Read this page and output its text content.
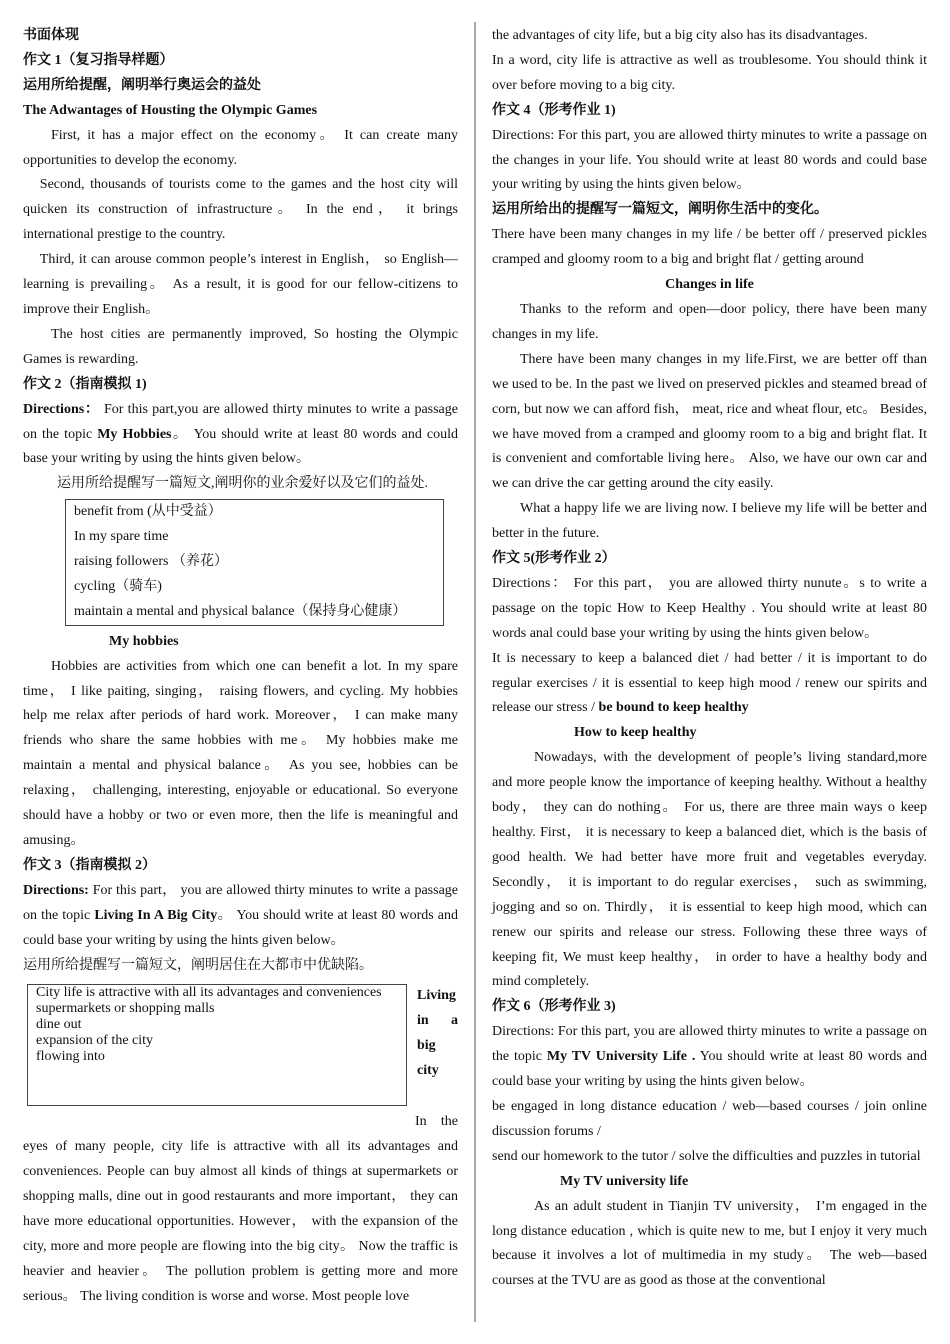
书面体现

作文 1（复习指导样题）

运用所给提醒，阐明举行奥运会的益处

The Adwantages of Housting the Olympic Games

First, it has a major effect on the economy。 It can create many opportunities to develop the economy.

Second, thousands of tourists come to the games and the host city will quicken its construction of infrastructure。 In the end， it brings international prestige to the country.

Third, it can arouse common people’s interest in English， so English—learning is prevailing。 As a result, it is good for our fellow-citizens to improve their English。

The host cities are permanently improved, So hosting the Olympic Games is rewarding.

作文 2（指南模拟 1)

Directions： For this part,you are allowed thirty minutes to write a passage on the topic My Hobbies。 You should write at least 80 words and could base your writing by using the hints given below。

运用所给提醒写一篇短文,阐明你的业余爱好以及它们的益处.

benefit from (从中受益）
In my spare time
raising followers （养花）
cycling（骑车)
maintain a mental and physical balance（保持身心健康）

My hobbies

Hobbies are activities from which one can benefit a lot. In my spare time， I like paiting, singing， raising flowers, and cycling. My hobbies help me relax after periods of hard work. Moreover， I can make many friends who share the same hobbies with me。 My hobbies make me maintain a mental and physical balance。 As you see, hobbies can be relaxing， challenging, interesting, enjoyable or educational. So everyone should have a hobby or two or even more, then the life is meaningful and amusing。

作文 3（指南模拟 2）

Directions: For this part， you are allowed thirty minutes to write a passage on the topic Living In A Big City。 You should write at least 80 words and could base your writing by using the hints given below。

运用所给提醒写一篇短文，阐明居住在大都市中优缺陷。

City life is attractive with all its advantages and conveniences
supermarkets or shopping malls
dine out
expansion of the city
flowing into
Living
in a
big
city

In the eyes of many people, city life is attractive with all its advantages and conveniences. People can buy almost all kinds of things at supermarkets or shopping malls, dine out in good restaurants and more important， they can have more educational opportunities. However， with the expansion of the city, more and more people are flowing into the big city。 Now the traffic is heavier and heavier。 The pollution problem is getting more and more serious。 The living condition is worse and worse. Most people love

the advantages of city life, but a big city also has its disadvantages.

In a word, city life is attractive as well as troublesome. You should think it over before moving to a big city.

作文 4（形考作业 1)

Directions: For this part, you are allowed thirty minutes to write a passage on the changes in your life. You should write at least 80 words and could base your writing by using the hints given below。

运用所给出的提醒写一篇短文，阐明你生活中的变化。

There have been many changes in my life / be better off / preserved pickles cramped and gloomy room to a big and bright flat / getting around

Changes in life

Thanks to the reform and open—door policy, there have been many changes in my life.

There have been many changes in my life.First, we are better off than we used to be. In the past we lived on preserved pickles and steamed bread of corn, but now we can afford fish， meat, rice and wheat flour, etc。 Besides, we have moved from a cramped and gloomy room to a big and bright flat. It is convenient and comfortable living here。 Also, we have our own car and we can drive the car getting around the city easily.

What a happy life we are living now. I believe my life will be better and better in the future.

作文 5(形考作业 2）

Directions： For this part， you are allowed thirty nunute。s to write a passage on the topic How to Keep Healthy . You should write at least 80 words anal could base your writing by using the hints given below。

It is necessary to keep a balanced diet / had better / it is important to do regular exercises / it is essential to keep high mood / renew our spirits and release our stress / be bound to keep healthy

How to keep healthy

Nowadays, with the development of people’s living standard,more and more people know the importance of keeping healthy. Without a healthy body， they can do nothing。 For us, there are three main ways o keep healthy. First， it is necessary to keep a balanced diet, which is the basis of good health. We had better have more fruit and vegetables everyday. Secondly， it is important to do regular exercises， such as swimming, jogging and so on. Thirdly， it is essential to keep high mood, which can renew our spirits and release our stress. Following these three ways of keeping fit, We must keep healthy， in order to have a healthy body and mind completely.

作文 6（形考作业 3)

Directions: For this part, you are allowed thirty minutes to write a passage on the topic My TV University Life . You should write at least 80 words and could base your writing by using the hints given below。

be engaged in long distance education / web—based courses / join online discussion forums /

send our homework to the tutor / solve the difficulties and puzzles in tutorial

My TV university life

As an adult student in Tianjin TV university， I’m engaged in the long distance education , which is quite new to me, but I enjoy it very much because it involves a lot of multimedia in my study。 The web—based courses at the TVU are as good as those at the conventional
